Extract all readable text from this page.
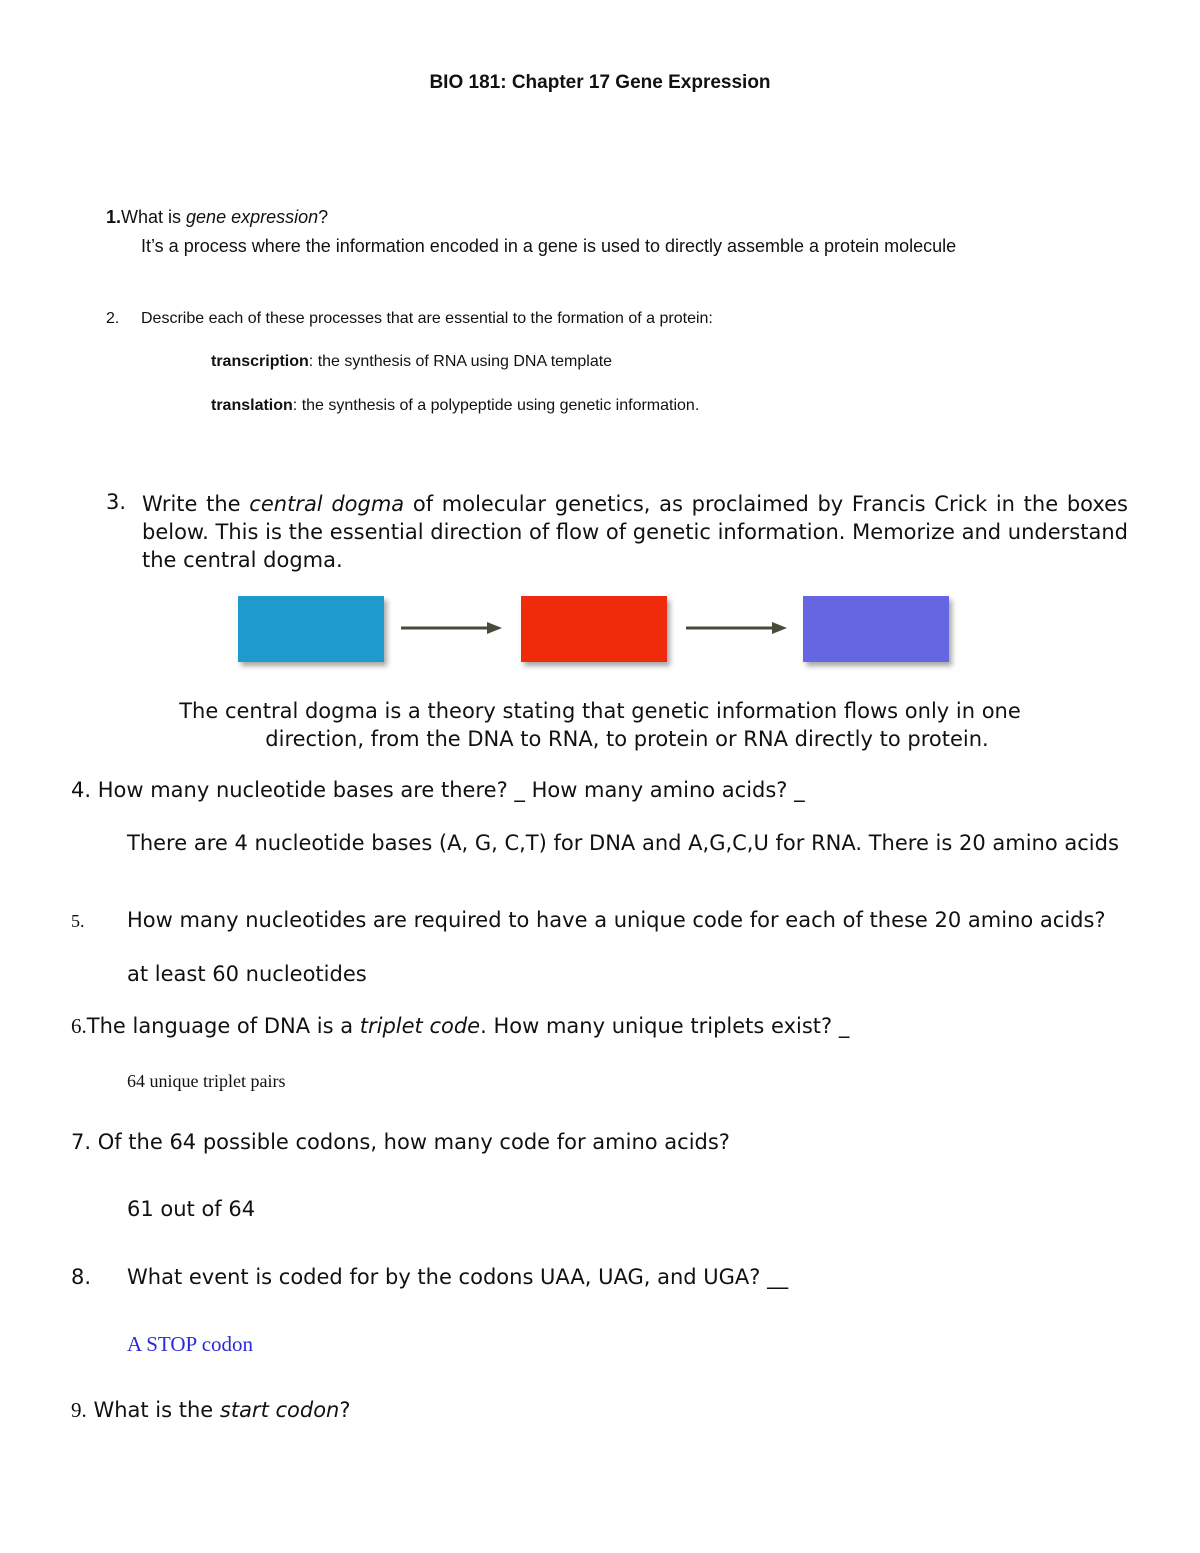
BIO 181: Chapter 17 Gene Expression
1.What is gene expression?
It’s a process where the information encoded in a gene is used to directly assemble a protein molecule
2. Describe each of these processes that are essential to the formation of a protein:
transcription: the synthesis of RNA using DNA template
translation: the synthesis of a polypeptide using genetic information.
3. Write the central dogma of molecular genetics, as proclaimed by Francis Crick in the boxes below. This is the essential direction of flow of genetic information. Memorize and understand the central dogma.
The central dogma is a theory stating that genetic information flows only in one
direction, from the DNA to RNA, to protein or RNA directly to protein.
4. How many nucleotide bases are there? _ How many amino acids? _
There are 4 nucleotide bases (A, G, C,T) for DNA and A,G,C,U for RNA. There is 20 amino acids
5. How many nucleotides are required to have a unique code for each of these 20 amino acids?
at least 60 nucleotides
6.The language of DNA is a triplet code. How many unique triplets exist? _
64 unique triplet pairs
7. Of the 64 possible codons, how many code for amino acids?
61 out of 64
8. What event is coded for by the codons UAA, UAG, and UGA? __
A STOP codon
9. What is the start codon?
